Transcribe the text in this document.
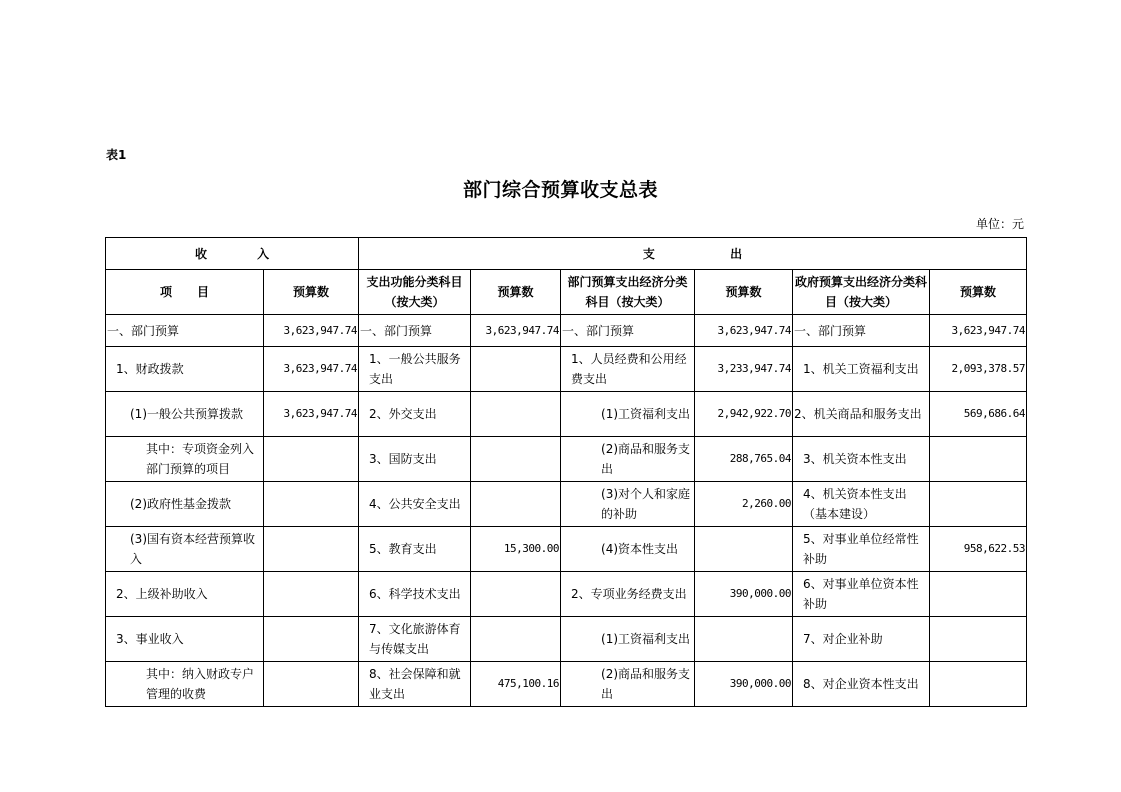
表1
部门综合预算收支总表
单位：元
收            入		支                  出					
项      目	预算数	支出功能分类科目（按大类）	预算数	部门预算支出经济分类科目（按大类）	预算数	政府预算支出经济分类科目（按大类）	预算数
一、部门预算	3,623,947.74	一、部门预算	3,623,947.74	一、部门预算	3,623,947.74	一、部门预算	3,623,947.74
1、财政拨款	3,623,947.74	1、一般公共服务支出		1、人员经费和公用经费支出	3,233,947.74	1、机关工资福利支出	2,093,378.57
(1)一般公共预算拨款	3,623,947.74	2、外交支出		(1)工资福利支出	2,942,922.70	2、机关商品和服务支出	569,686.64
其中：专项资金列入部门预算的项目		3、国防支出		(2)商品和服务支出	288,765.04	3、机关资本性支出	
(2)政府性基金拨款		4、公共安全支出		(3)对个人和家庭的补助	2,260.00	4、机关资本性支出（基本建设）	
(3)国有资本经营预算收入		5、教育支出	15,300.00	(4)资本性支出		5、对事业单位经常性补助	958,622.53
2、上级补助收入		6、科学技术支出		2、专项业务经费支出	390,000.00	6、对事业单位资本性补助	
3、事业收入		7、文化旅游体育与传媒支出		(1)工资福利支出		7、对企业补助	
其中：纳入财政专户管理的收费		8、社会保障和就业支出	475,100.16	(2)商品和服务支出	390,000.00	8、对企业资本性支出	
